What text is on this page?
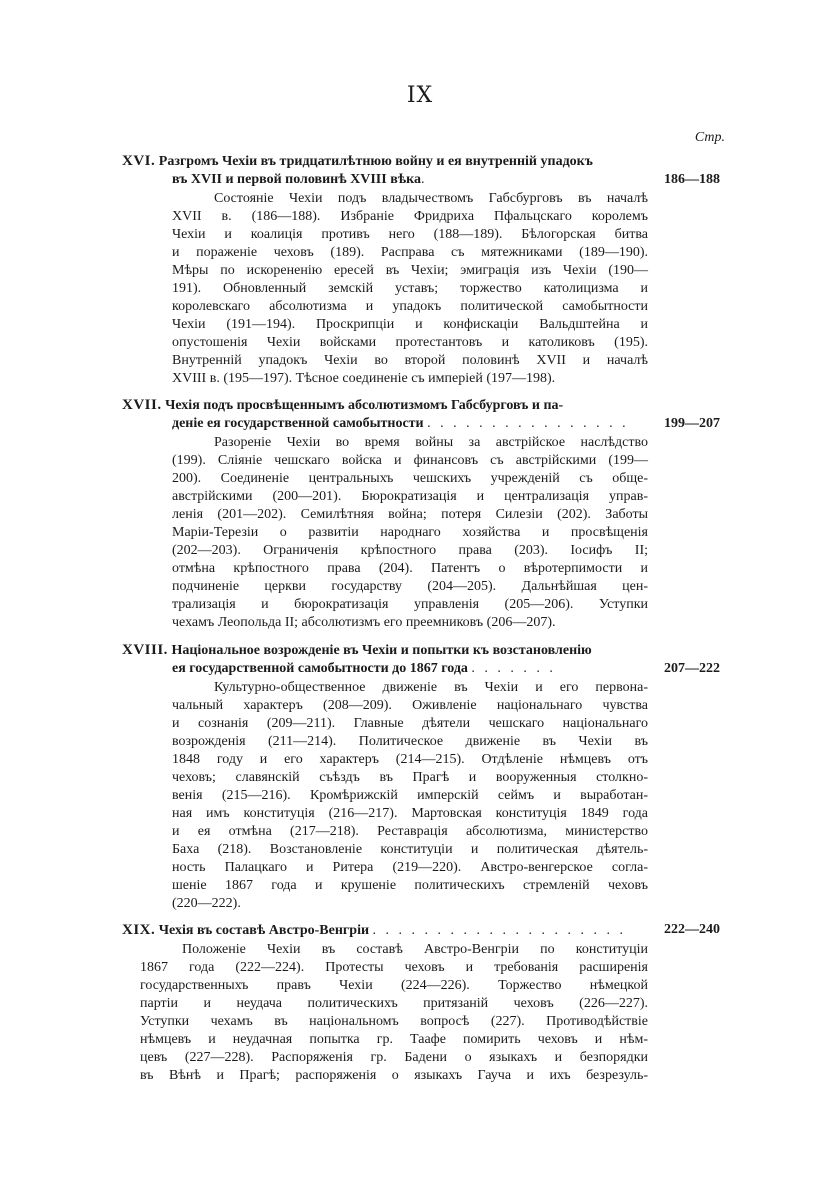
IX
Стр.
XVI. Разгромъ Чехіи въ тридцатилѣтнюю войну и ея внутренній упадокъ
въ XVII и первой половинѣ XVIII вѣка.	186—188
Состояніе Чехіи подъ владычествомъ Габсбурговъ въ началѣ
XVII в. (186—188). Избраніе Фридриха Пфальцскаго королемъ
Чехіи и коалиція противъ него (188—189). Бѣлогорская битва
и пораженіе чеховъ (189). Расправа съ мятежниками (189—190).
Мѣры по искорененію ересей въ Чехіи; эмиграція изъ Чехіи (190—
191). Обновленный земскій уставъ; торжество католицизма и
королевскаго абсолютизма и упадокъ политической самобытности
Чехіи (191—194). Проскрипціи и конфискаціи Вальдштейна и
опустошенія Чехіи войсками протестантовъ и католиковъ (195).
Внутренній упадокъ Чехіи во второй половинѣ XVII и началѣ
XVIII в. (195—197). Тѣсное соединеніе съ имперіей (197—198).
XVII. Чехія подъ просвѣщеннымъ абсолютизмомъ Габсбурговъ и па-
деніе ея государственной самобытности . . . . . . . . . . . . . . . .	199—207
Разореніе Чехіи во время войны за австрійское наслѣдство
(199). Сліяніе чешскаго войска и финансовъ съ австрійскими (199—
200). Соединеніе центральныхъ чешскихъ учрежденій съ обще-
австрійскими (200—201). Бюрократизація и централизація управ-
ленія (201—202). Семилѣтняя война; потеря Силезіи (202). Заботы
Маріи-Терезіи о развитіи народнаго хозяйства и просвѣщенія
(202—203). Ограниченія крѣпостного права (203). Іосифъ II;
отмѣна крѣпостного права (204). Патентъ о вѣротерпимости и
подчиненіе церкви государству (204—205). Дальнѣйшая цен-
трализація и бюрократизація управленія (205—206). Уступки
чехамъ Леопольда II; абсолютизмъ его преемниковъ (206—207).
XVIII. Національное возрожденіе въ Чехіи и попытки къ возстановленію
ея государственной самобытности до 1867 года . . . . . . .	207—222
Культурно-общественное движеніе въ Чехіи и его первона-
чальный характеръ (208—209). Оживленіе національнаго чувства
и сознанія (209—211). Главные дѣятели чешскаго національнаго
возрожденія (211—214). Политическое движеніе въ Чехіи въ
1848 году и его характеръ (214—215). Отдѣленіе нѣмцевъ отъ
чеховъ; славянскій съѣздъ въ Прагѣ и вооруженныя столкно-
венія (215—216). Кромѣрижскій имперскій сеймъ и выработан-
ная имъ конституція (216—217). Мартовская конституція 1849 года
и ея отмѣна (217—218). Реставрація абсолютизма, министерство
Баха (218). Возстановленіе конституціи и политическая дѣятель-
ность Палацкаго и Ритера (219—220). Австро-венгерское согла-
шеніе 1867 года и крушеніе политическихъ стремленій чеховъ
(220—222).
XIX. Чехія въ составѣ Австро-Венгріи . . . . . . . . . . . . . . . . . . . .	222—240
Положеніе Чехіи въ составѣ Австро-Венгріи по конституціи
1867 года (222—224). Протесты чеховъ и требованія расширенія
государственныхъ правъ Чехіи (224—226). Торжество нѣмецкой
партіи и неудача политическихъ притязаній чеховъ (226—227).
Уступки чехамъ въ національномъ вопросѣ (227). Противодѣйствіе
нѣмцевъ и неудачная попытка гр. Таафе помирить чеховъ и нѣм-
цевъ (227—228). Распоряженія гр. Бадени о языкахъ и безпорядки
въ Вѣнѣ и Прагѣ; распоряженія о языкахъ Гауча и ихъ безрезуль-
